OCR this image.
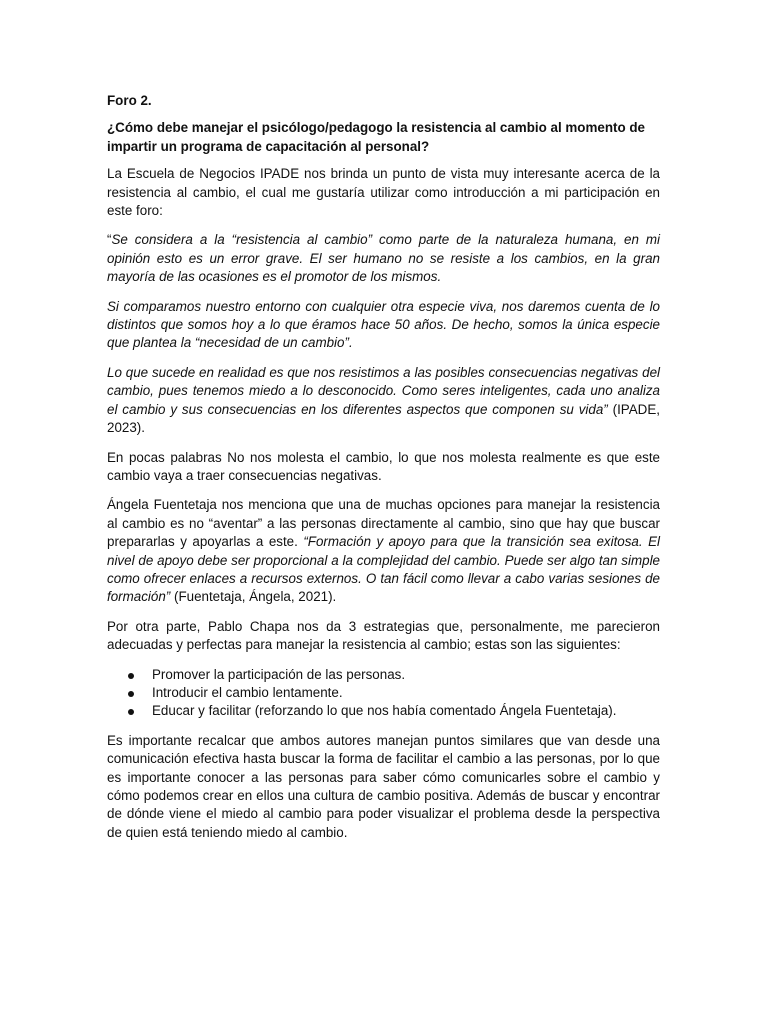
Foro 2.

¿Cómo debe manejar el psicólogo/pedagogo la resistencia al cambio al momento de impartir un programa de capacitación al personal?

La Escuela de Negocios IPADE nos brinda un punto de vista muy interesante acerca de la resistencia al cambio, el cual me gustaría utilizar como introducción a mi participación en este foro:

“Se considera a la “resistencia al cambio” como parte de la naturaleza humana, en mi opinión esto es un error grave. El ser humano no se resiste a los cambios, en la gran mayoría de las ocasiones es el promotor de los mismos.

Si comparamos nuestro entorno con cualquier otra especie viva, nos daremos cuenta de lo distintos que somos hoy a lo que éramos hace 50 años. De hecho, somos la única especie que plantea la “necesidad de un cambio”.

Lo que sucede en realidad es que nos resistimos a las posibles consecuencias negativas del cambio, pues tenemos miedo a lo desconocido. Como seres inteligentes, cada uno analiza el cambio y sus consecuencias en los diferentes aspectos que componen su vida” (IPADE, 2023).

En pocas palabras No nos molesta el cambio, lo que nos molesta realmente es que este cambio vaya a traer consecuencias negativas.

Ángela Fuentetaja nos menciona que una de muchas opciones para manejar la resistencia al cambio es no “aventar” a las personas directamente al cambio, sino que hay que buscar prepararlas y apoyarlas a este. “Formación y apoyo para que la transición sea exitosa. El nivel de apoyo debe ser proporcional a la complejidad del cambio. Puede ser algo tan simple como ofrecer enlaces a recursos externos. O tan fácil como llevar a cabo varias sesiones de formación” (Fuentetaja, Ángela, 2021).

Por otra parte, Pablo Chapa nos da 3 estrategias que, personalmente, me parecieron adecuadas y perfectas para manejar la resistencia al cambio; estas son las siguientes:

Promover la participación de las personas.
Introducir el cambio lentamente.
Educar y facilitar (reforzando lo que nos había comentado Ángela Fuentetaja).

Es importante recalcar que ambos autores manejan puntos similares que van desde una comunicación efectiva hasta buscar la forma de facilitar el cambio a las personas, por lo que es importante conocer a las personas para saber cómo comunicarles sobre el cambio y cómo podemos crear en ellos una cultura de cambio positiva. Además de buscar y encontrar de dónde viene el miedo al cambio para poder visualizar el problema desde la perspectiva de quien está teniendo miedo al cambio.
